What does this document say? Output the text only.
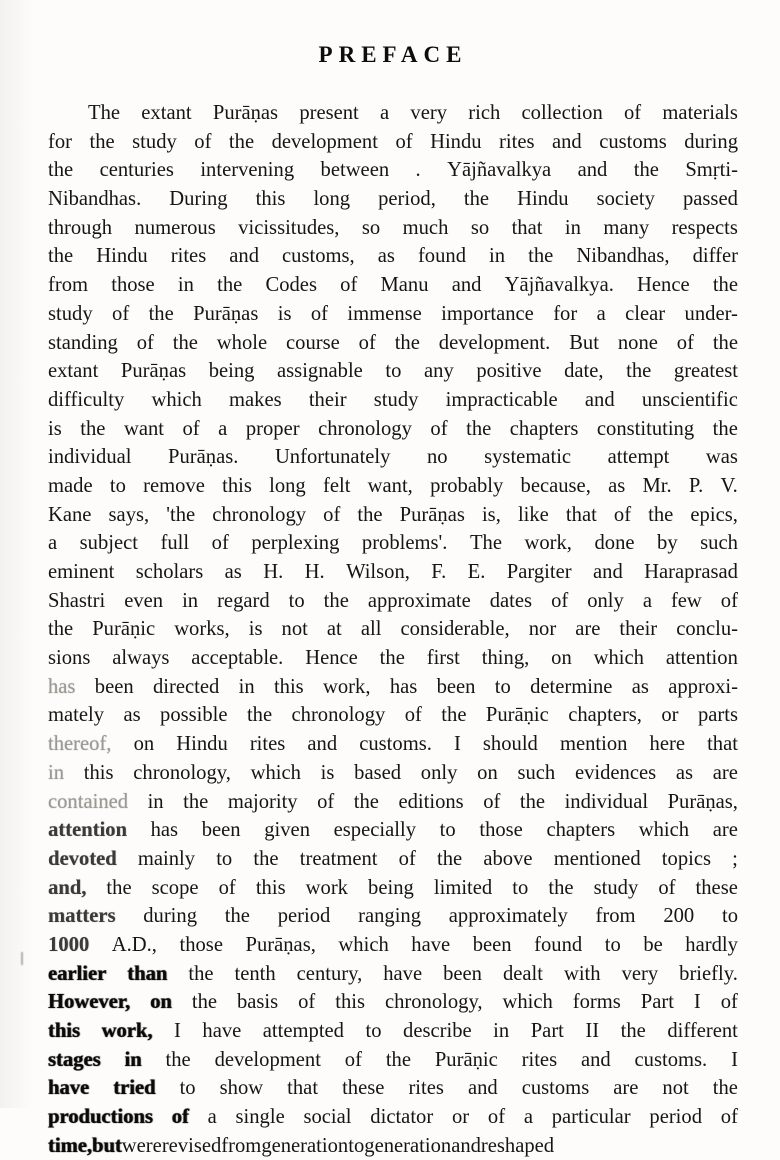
PREFACE
The extant Purāṇas present a very rich collection of materials
for the study of the development of Hindu rites and customs during
the centuries intervening between . Yājñavalkya and the Smṛti-
Nibandhas. During this long period, the Hindu society passed
through numerous vicissitudes, so much so that in many respects
the Hindu rites and customs, as found in the Nibandhas, differ
from those in the Codes of Manu and Yājñavalkya. Hence the
study of the Purāṇas is of immense importance for a clear under-
standing of the whole course of the development. But none of the
extant Purāṇas being assignable to any positive date, the greatest
difficulty which makes their study impracticable and unscientific
is the want of a proper chronology of the chapters constituting the
individual Purāṇas. Unfortunately no systematic attempt was
made to remove this long felt want, probably because, as Mr. P. V.
Kane says, 'the chronology of the Purāṇas is, like that of the epics,
a subject full of perplexing problems'. The work, done by such
eminent scholars as H. H. Wilson, F. E. Pargiter and Haraprasad
Shastri even in regard to the approximate dates of only a few of
the Purāṇic works, is not at all considerable, nor are their conclu-
sions always acceptable. Hence the first thing, on which attention
has been directed in this work, has been to determine as approxi-
mately as possible the chronology of the Purāṇic chapters, or parts
thereof, on Hindu rites and customs. I should mention here that
in this chronology, which is based only on such evidences as are
contained in the majority of the editions of the individual Purāṇas,
attention has been given especially to those chapters which are
devoted mainly to the treatment of the above mentioned topics ;
and, the scope of this work being limited to the study of these
matters during the period ranging approximately from 200 to
1000 A.D., those Purāṇas, which have been found to be hardly
earlier than the tenth century, have been dealt with very briefly.
However, on the basis of this chronology, which forms Part I of
this work, I have attempted to describe in Part II the different
stages in the development of the Purāṇic rites and customs. I
have tried to show that these rites and customs are not the
productions of a single social dictator or of a particular period of
time, but were revised from generation to generation and reshaped
